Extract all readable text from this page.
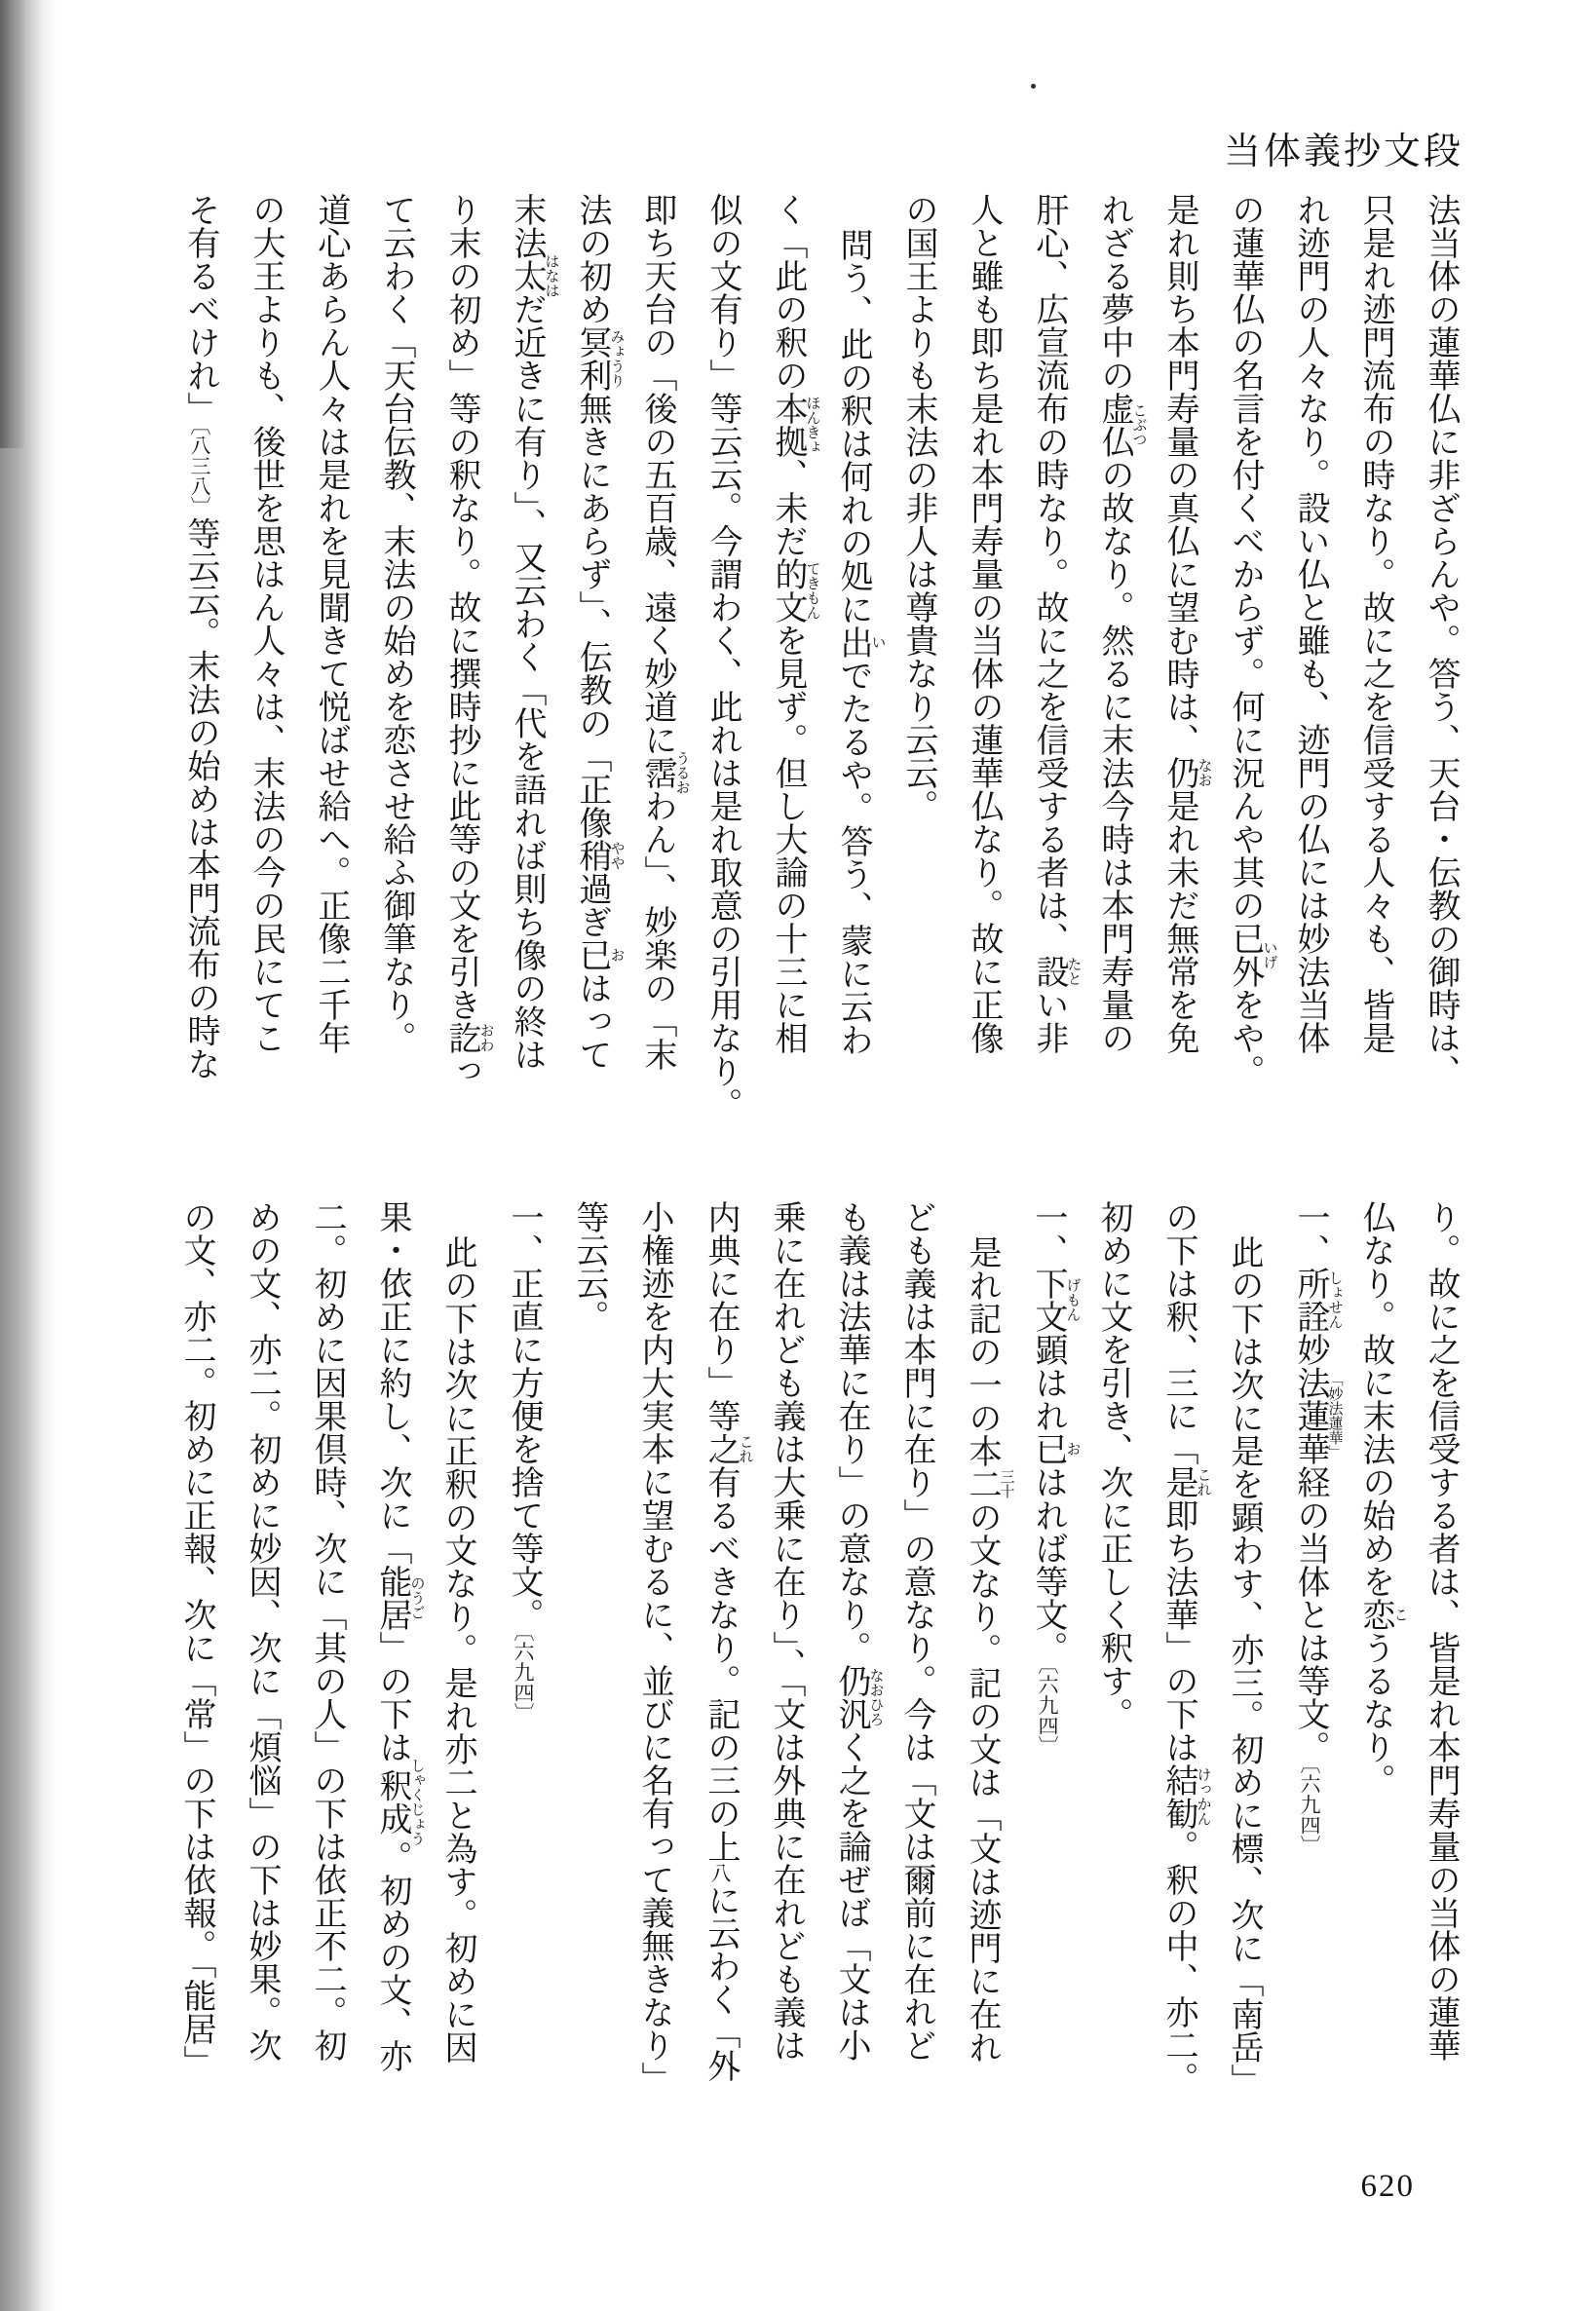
当体義抄文段

法当体の蓮華仏に非ざらんや。答う、天台・伝教の御時は、

只是れ迹門流布の時なり。故に之を信受する人々も、皆是

れ迹門の人々なり。設い仏と雖も、迹門の仏には妙法当体

の蓮華仏の名言を付くべからず。何に況んや其の已外いげをや。

是れ則ち本門寿量の真仏に望む時は、仍なお是れ未だ無常を免

れざる夢中の虚仏こぶつの故なり。然るに末法今時は本門寿量の

肝心、広宣流布の時なり。故に之を信受する者は、設たとい非

人と雖も即ち是れ本門寿量の当体の蓮華仏なり。故に正像

の国王よりも末法の非人は尊貴なり云云。

問う、此の釈は何れの処に出いでたるや。答う、蒙に云わ

く「此の釈の本拠ほんきょ、未だ的文てきもんを見ず。但し大論の十三に相

似の文有り」等云云。今謂わく、此れは是れ取意の引用なり。

即ち天台の「後の五百歳、遠く妙道に霑うるおわん」、妙楽の「末

法の初め冥利みょうり無きにあらず」、伝教の「正像稍やや過ぎ已おはって

末法太はなはだ近きに有り」、又云わく「代を語れば則ち像の終は

り末の初め」等の釈なり。故に撰時抄に此等の文を引き訖おわっ

て云わく「天台伝教、末法の始めを恋させ給ふ御筆なり。

道心あらん人々は是れを見聞きて悦ばせ給へ。正像二千年

の大王よりも、後世を思はん人々は、末法の今の民にてこ

そ有るべけれ」〔八三八〕等云云。末法の始めは本門流布の時な

り。故に之を信受する者は、皆是れ本門寿量の当体の蓮華

仏なり。故に末法の始めを恋こうるなり。

一、所詮しょせん妙法蓮華経「妙法蓮華」の当体とは等文。〔六九四〕

此の下は次に是を顕わす、亦三。初めに標、次に「南岳」

の下は釈、三に「是これ即ち法華」の下は結勧けっかん。釈の中、亦二。

初めに文を引き、次に正しく釈す。

一、下文げもん顕はれ已おはれば等文。〔六九四〕

是れ記の一の本二三十の文なり。記の文は「文は迹門に在れ

ども義は本門に在り」の意なり。今は「文は爾前に在れど

も義は法華に在り」の意なり。仍汎なおひろく之を論ぜば「文は小

乗に在れども義は大乗に在り」、「文は外典に在れども義は

内典に在り」等之これ有るべきなり。記の三の上八に云わく「外

小権迹を内大実本に望むるに、並びに名有って義無きなり」

等云云。

一、正直に方便を捨て等文。〔六九四〕

此の下は次に正釈の文なり。是れ亦二と為す。初めに因

果・依正に約し、次に「能居のうご」の下は釈成しゃくじょう。初めの文、亦

二。初めに因果倶時、次に「其の人」の下は依正不二。初

めの文、亦二。初めに妙因、次に「煩悩」の下は妙果。次

の文、亦二。初めに正報、次に「常」の下は依報。「能居」

620
